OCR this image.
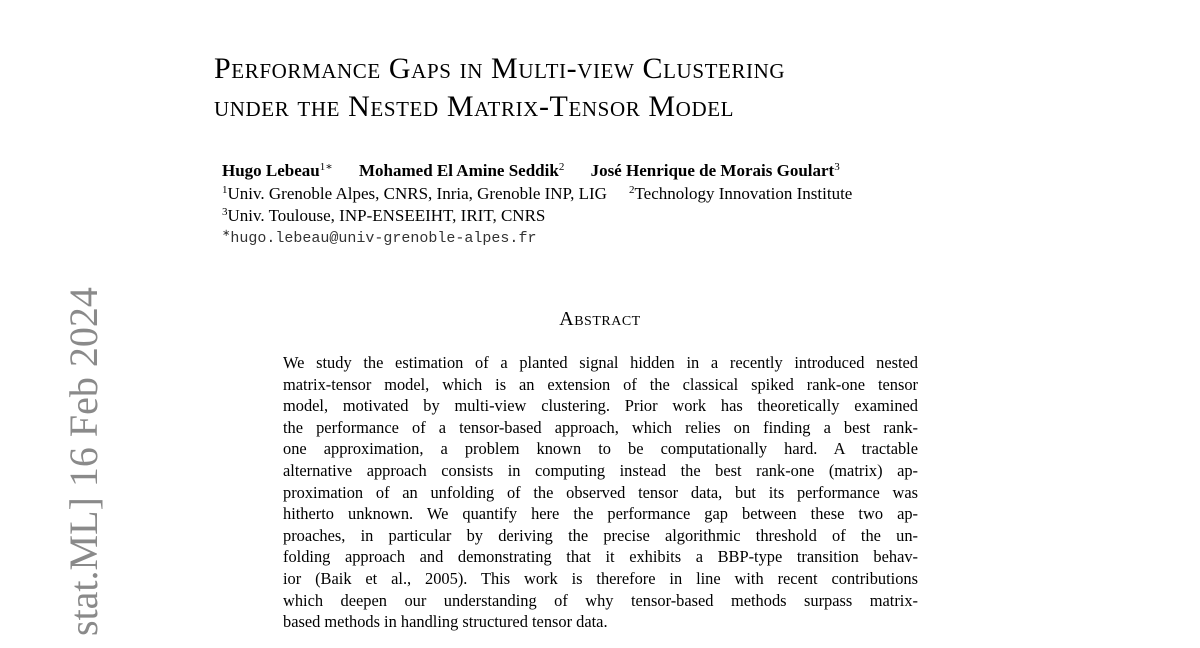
stat.ML] 16 Feb 2024
Performance Gaps in Multi-view Clustering
under the Nested Matrix-Tensor Model
Hugo Lebeau$^{1∗}$ Mohamed El Amine Seddik$^2$ José Henrique de Morais Goulart$^3$
$^1$Univ. Grenoble Alpes, CNRS, Inria, Grenoble INP, LIG $^2$Technology Innovation Institute
$^3$Univ. Toulouse, INP-ENSEEIHT, IRIT, CNRS
∗hugo.lebeau@univ-grenoble-alpes.fr
Abstract
We study the estimation of a planted signal hidden in a recently introduced nested
matrix-tensor model, which is an extension of the classical spiked rank-one tensor
model, motivated by multi-view clustering. Prior work has theoretically examined
the performance of a tensor-based approach, which relies on finding a best rank-
one approximation, a problem known to be computationally hard. A tractable
alternative approach consists in computing instead the best rank-one (matrix) ap-
proximation of an unfolding of the observed tensor data, but its performance was
hitherto unknown. We quantify here the performance gap between these two ap-
proaches, in particular by deriving the precise algorithmic threshold of the un-
folding approach and demonstrating that it exhibits a BBP-type transition behav-
ior (Baik et al., 2005). This work is therefore in line with recent contributions
which deepen our understanding of why tensor-based methods surpass matrix-
based methods in handling structured tensor data.
